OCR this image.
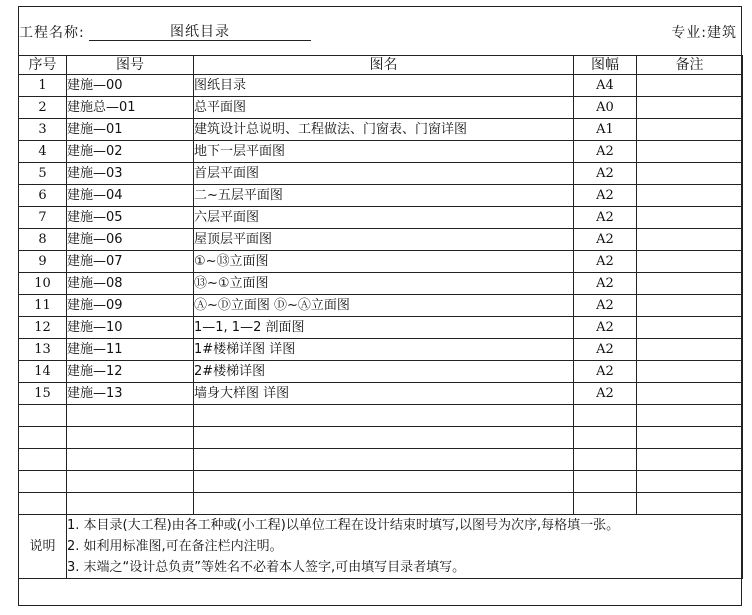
工程名称:	图纸目录	专业:建筑
序号	图号	图名	图幅	备注
1	建施—00	图纸目录	A4	
2	建施总—01	总平面图	A0	
3	建施—01	建筑设计总说明、工程做法、门窗表、门窗详图	A1	
4	建施—02	地下一层平面图	A2	
5	建施—03	首层平面图	A2	
6	建施—04	二~五层平面图	A2	
7	建施—05	六层平面图	A2	
8	建施—06	屋顶层平面图	A2	
9	建施—07	①~⑬立面图	A2	
10	建施—08	⑬~①立面图	A2	
11	建施—09	Ⓐ~Ⓓ立面图 Ⓓ~Ⓐ立面图	A2	
12	建施—10	1—1, 1—2 剖面图	A2	
13	建施—11	1#楼梯详图 详图	A2	
14	建施—12	2#楼梯详图	A2	
15	建施—13	墙身大样图 详图	A2	

说明	1. 本目录(大工程)由各工种或(小工程)以单位工程在设计结束时填写,以图号为次序,每格填一张。
2. 如利用标准图,可在备注栏内注明。
3. 末端之“设计总负责”等姓名不必着本人签字,可由填写目录者填写。			
